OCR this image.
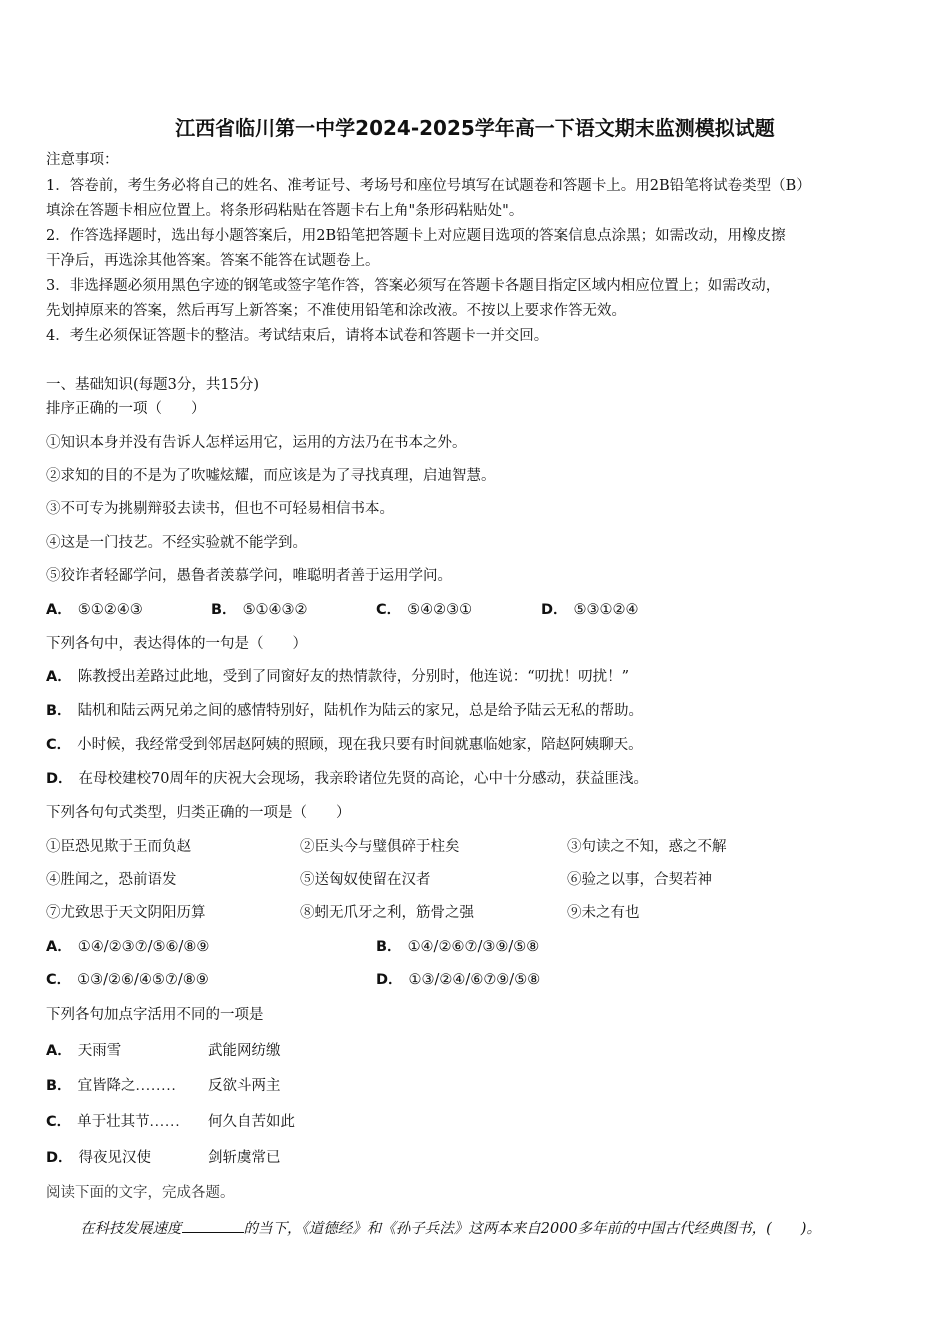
江西省临川第一中学2024-2025学年高一下语文期末监测模拟试题
注意事项：
1．答卷前，考生务必将自己的姓名、准考证号、考场号和座位号填写在试题卷和答题卡上。用2B铅笔将试卷类型（B）
填涂在答题卡相应位置上。将条形码粘贴在答题卡右上角"条形码粘贴处"。
2．作答选择题时，选出每小题答案后，用2B铅笔把答题卡上对应题目选项的答案信息点涂黑；如需改动，用橡皮擦
干净后，再选涂其他答案。答案不能答在试题卷上。
3．非选择题必须用黑色字迹的钢笔或签字笔作答，答案必须写在答题卡各题目指定区域内相应位置上；如需改动，
先划掉原来的答案，然后再写上新答案；不准使用铅笔和涂改液。不按以上要求作答无效。
4．考生必须保证答题卡的整洁。考试结束后，请将本试卷和答题卡一并交回。
一、基础知识(每题3分，共15分)
排序正确的一项（　　）
①知识本身并没有告诉人怎样运用它，运用的方法乃在书本之外。
②求知的目的不是为了吹嘘炫耀，而应该是为了寻找真理，启迪智慧。
③不可专为挑剔辩驳去读书，但也不可轻易相信书本。
④这是一门技艺。不经实验就不能学到。
⑤狡诈者轻鄙学问，愚鲁者羡慕学问，唯聪明者善于运用学问。
A． ⑤①②④③	B． ⑤①④③②	C． ⑤④②③①	D． ⑤③①②④
下列各句中，表达得体的一句是（　　）
A． 陈教授出差路过此地，受到了同窗好友的热情款待，分别时，他连说：“叨扰！叨扰！”
B． 陆机和陆云两兄弟之间的感情特别好，陆机作为陆云的家兄，总是给予陆云无私的帮助。
C． 小时候，我经常受到邻居赵阿姨的照顾，现在我只要有时间就惠临她家，陪赵阿姨聊天。
D． 在母校建校70周年的庆祝大会现场，我亲聆诸位先贤的高论，心中十分感动，获益匪浅。
下列各句句式类型，归类正确的一项是（　　）
①臣恐见欺于王而负赵	②臣头今与璧俱碎于柱矣	③句读之不知，惑之不解
④胜闻之，恐前语发	⑤送匈奴使留在汉者	⑥验之以事，合契若神
⑦尤致思于天文阴阳历算	⑧蚓无爪牙之利，筋骨之强	⑨未之有也
A． ①④/②③⑦/⑤⑥/⑧⑨	B． ①④/②⑥⑦/③⑨/⑤⑧
C． ①③/②⑥/④⑤⑦/⑧⑨	D． ①③/②④/⑥⑦⑨/⑤⑧
下列各句加点字活用不同的一项是
A． 天雨雪	武能网纺缴
B． 宜皆降之........ 反欲斗两主
C． 单于壮其节...... 何久自苦如此
D． 得夜见汉使	剑斩虞常已
阅读下面的文字，完成各题。
在科技发展速度	的当下，《道德经》和《孙子兵法》这两本来自2000多年前的中国古代经典图书，(　　)。
